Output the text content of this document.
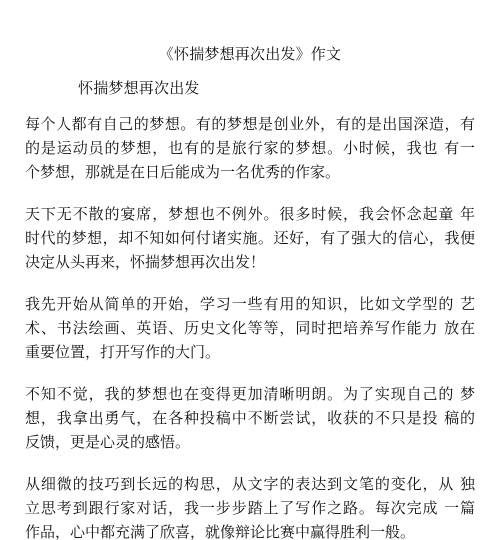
《怀揣梦想再次出发》作文
怀揣梦想再次出发
每个人都有自己的梦想。有的梦想是创业外，有的是出国深造，有
的是运动员的梦想，也有的是旅行家的梦想。小时候，我也 有一
个梦想，那就是在日后能成为一名优秀的作家。
天下无不散的宴席，梦想也不例外。很多时候，我会怀念起童 年
时代的梦想，却不知如何付诸实施。还好，有了强大的信心，我便
决定从头再来，怀揣梦想再次出发！
我先开始从简单的开始，学习一些有用的知识，比如文学型的 艺
术、书法绘画、英语、历史文化等等，同时把培养写作能力 放在
重要位置，打开写作的大门。
不知不觉，我的梦想也在变得更加清晰明朗。为了实现自己的 梦
想，我拿出勇气，在各种投稿中不断尝试，收获的不只是投 稿的
反馈，更是心灵的感悟。
从细微的技巧到长远的构思，从文字的表达到文笔的变化，从 独
立思考到跟行家对话，我一步步踏上了写作之路。每次完成 一篇
作品，心中都充满了欣喜，就像辩论比赛中赢得胜利一般。
